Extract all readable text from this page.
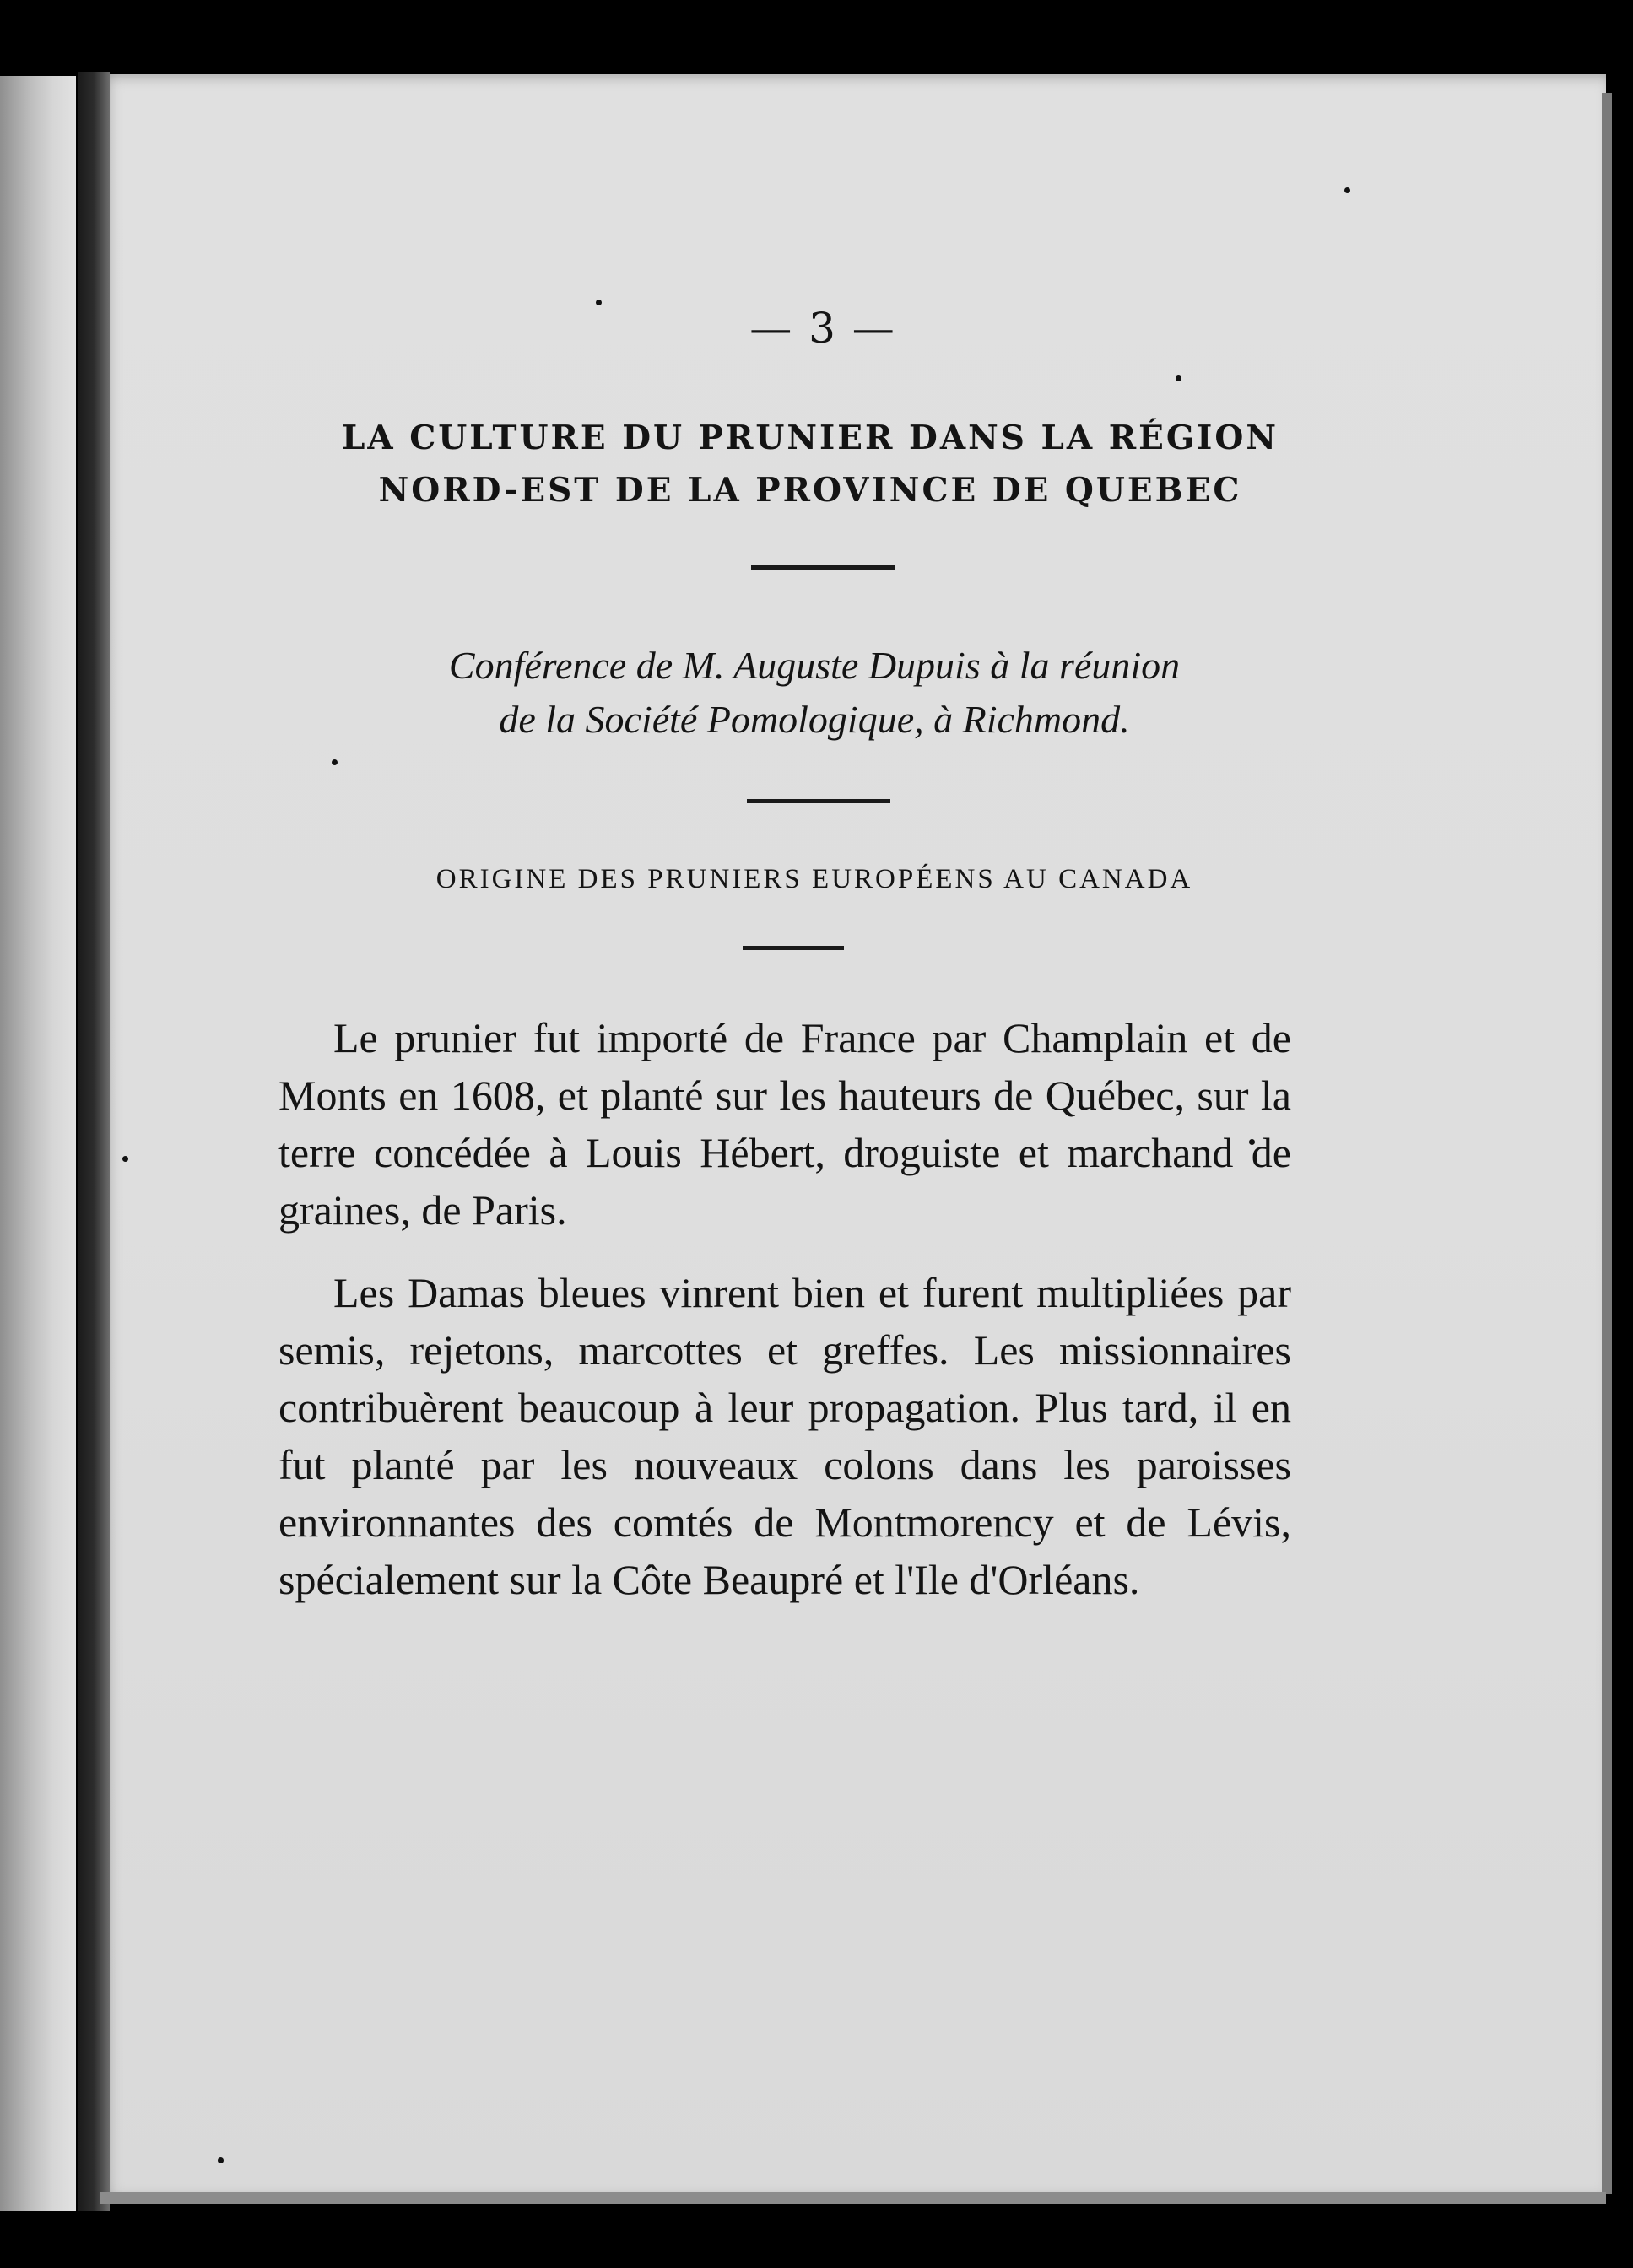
— 3 —

LA CULTURE DU PRUNIER DANS LA RÉGION NORD-EST DE LA PROVINCE DE QUEBEC

Conférence de M. Auguste Dupuis à la réunion

de la Société Pomologique, à Richmond.

ORIGINE DES PRUNIERS EUROPÉENS AU CANADA

Le prunier fut importé de France par Champlain et de Monts en 1608, et planté sur les hauteurs de Québec, sur la terre concédée à Louis Hébert, droguiste et marchand de graines, de Paris.

Les Damas bleues vinrent bien et furent multipliées par semis, rejetons, marcottes et greffes. Les missionnaires contribuèrent beaucoup à leur propagation. Plus tard, il en fut planté par les nouveaux colons dans les paroisses environnantes des comtés de Montmorency et de Lévis, spécialement sur la Côte Beaupré et l'Ile d'Orléans.
